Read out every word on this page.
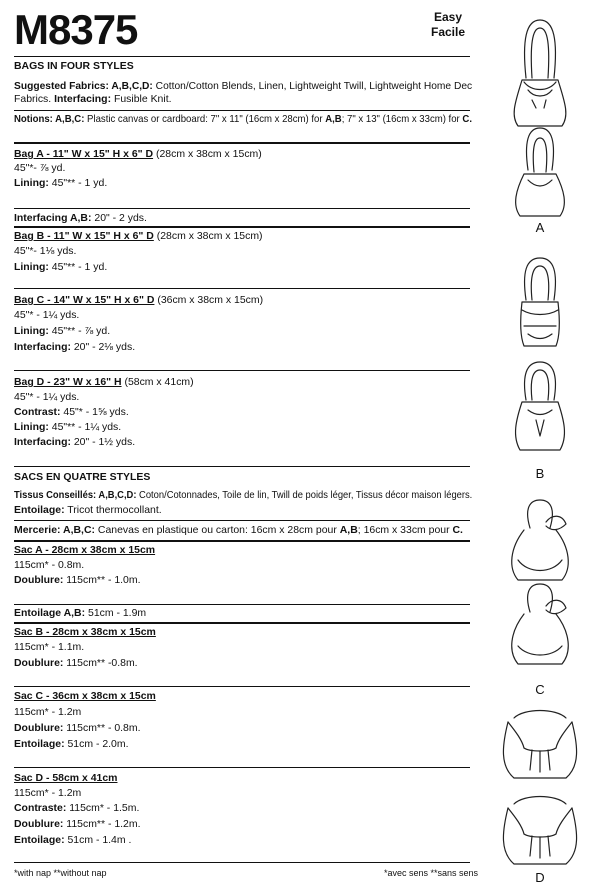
M8375	Easy
Facile
BAGS IN FOUR STYLES
Suggested Fabrics: A,B,C,D: Cotton/Cotton Blends, Linen, Lightweight Twill, Lightweight Home Dec
Fabrics. Interfacing: Fusible Knit.
Notions: A,B,C: Plastic canvas or cardboard: 7" x 11" (16cm x 28cm) for A,B; 7" x 13" (16cm x 33cm) for C.
Bag A - 11" W x 15" H x 6" D (28cm x 38cm x 15cm)
45"*- ⅞ yd.
Lining: 45"** - 1 yd.
Interfacing A,B: 20" - 2 yds.
Bag B - 11" W x 15" H x 6" D (28cm x 38cm x 15cm)
45"*- 1⅛ yds.
Lining: 45"** - 1 yd.
Bag C - 14" W x 15" H x 6" D (36cm x 38cm x 15cm)
45"* - 1¼ yds.
Lining: 45"** - ⅞ yd.
Interfacing: 20" - 2⅛ yds.
Bag D - 23" W x 16" H (58cm x 41cm)
45"* - 1¼ yds.
Contrast: 45"* - 1⅝ yds.
Lining: 45"** - 1¼ yds.
Interfacing: 20" - 1½ yds.
SACS EN QUATRE STYLES
Tissus Conseillés: A,B,C,D: Coton/Cotonnades, Toile de lin, Twill de poids léger, Tissus décor maison légers.
Entoilage: Tricot thermocollant.
Mercerie: A,B,C: Canevas en plastique ou carton: 16cm x 28cm pour A,B; 16cm x 33cm pour C.
Sac A - 28cm x 38cm x 15cm
115cm* - 0.8m.
Doublure: 115cm** - 1.0m.
Entoilage A,B: 51cm - 1.9m
Sac B - 28cm x 38cm x 15cm
115cm* - 1.1m.
Doublure: 115cm** -0.8m.
Sac C - 36cm x 38cm x 15cm
115cm* - 1.2m
Doublure: 115cm** - 0.8m.
Entoilage: 51cm - 2.0m.
Sac D - 58cm x 41cm
115cm* - 1.2m
Contraste: 115cm* - 1.5m.
Doublure: 115cm** - 1.2m.
Entoilage: 51cm - 1.4m .
*with nap **without nap	*avec sens **sans sens
A
B
C
D
